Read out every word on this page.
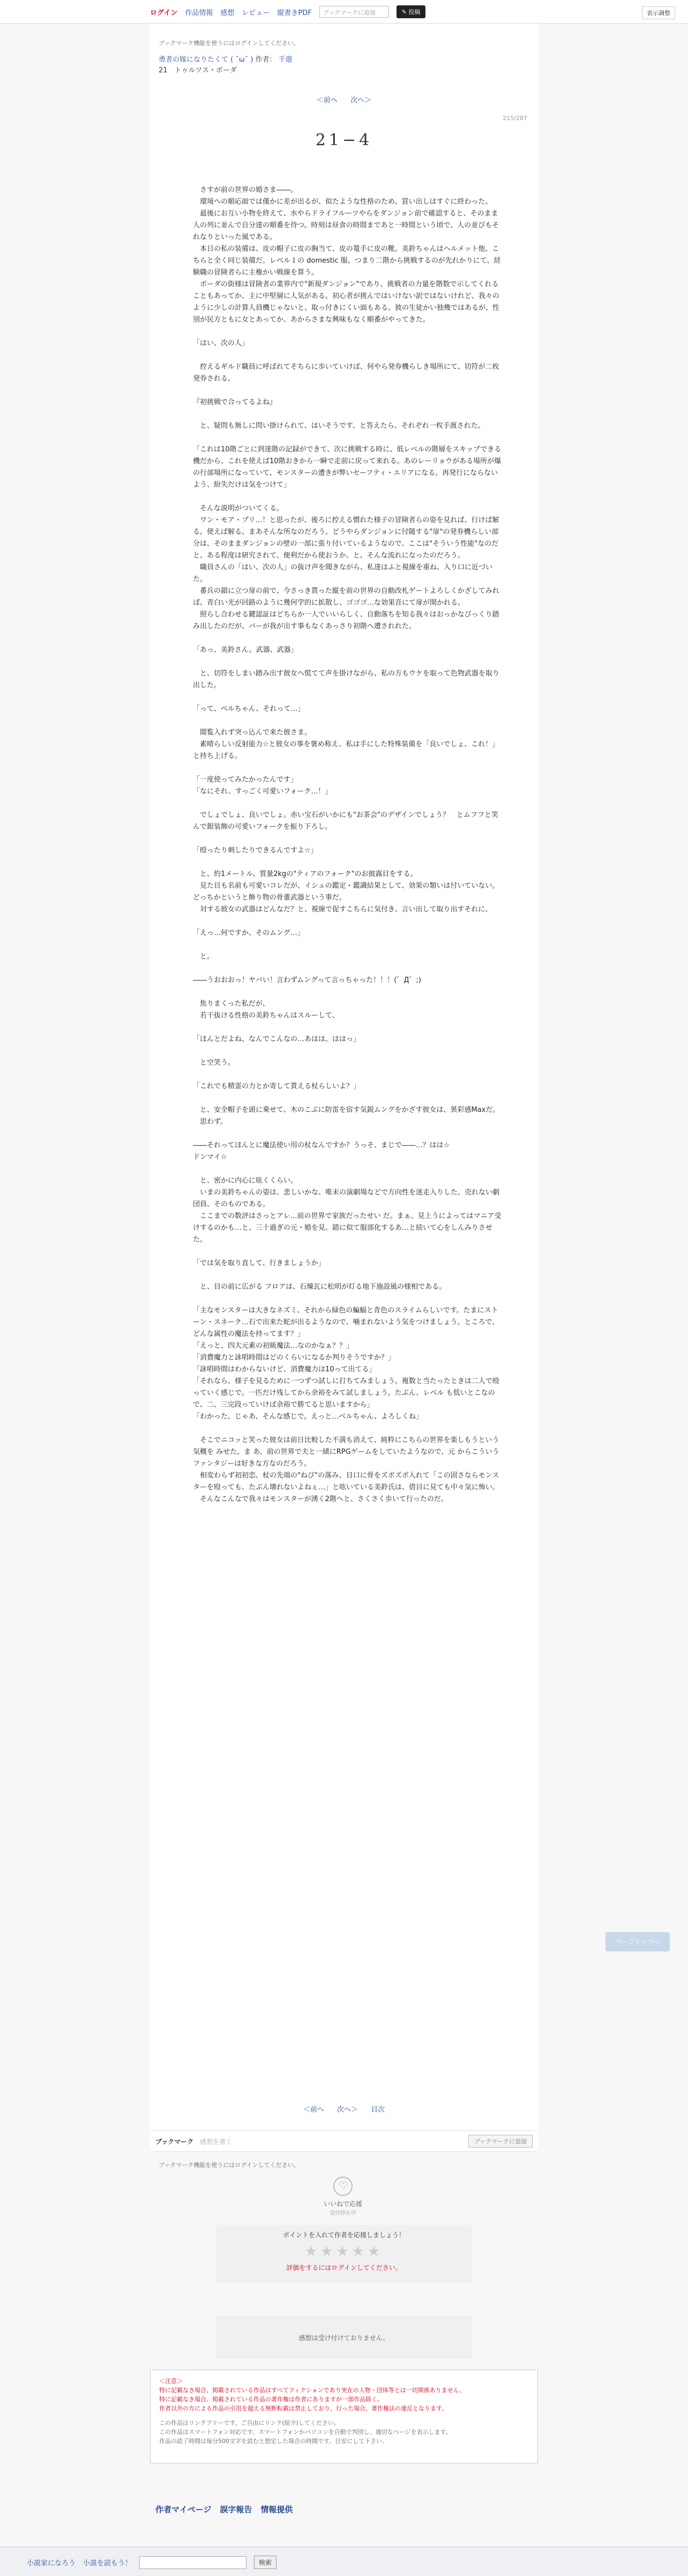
ログイン 作品情報 感想 レビュー 縦書きPDF	ブックマークに追加	✎ 投稿	表示調整
ブックマーク機能を使うにはログインしてください。
勇者の嫁になりたくて ( ˘ω˘ ) 作者： 千遊
21　トゥルツス・ポーダ
＜前へ 次へ＞
215/287
21−4

　さすが前の世界の婚さま――。
　環境への順応面では僅かに差が出るが、似たような性格のため、買い出しはすぐに終わった。
　最後にお互い小物を終えて、水やらドライフルーツやらをダンジョン前で確認すると、そのまま人の列に並んで自分達の順番を待つ。時刻は昼食の時間まであと一時間という頃で、人の並びもそれなりといった風である。
　本日の私の装備は、皮の帽子に皮の胸当て、皮の篭手に皮の靴。美鈴ちゃんはヘルメット他、こちらと全く同じ装備だ。レベル１の domestic 服、つまり二階から挑戦するのが先れかりにて、経験職の冒険者らに主権かい戦線を算う。
　ポーダの街様は冒険者の業界内で"新規ダンジョン"であり、挑戦者の力量を階数で示してくれることもあってか、主に中堅層に人気がある。初心者が挑んではいけない訳ではないけれど、我々のように少しの計算人員機じゃないと、取っ付きにくい面もある。彼の生徒かい独幾ではあるが、性別が民方ともに女とあってか、あからさまな興味もなく順番がやってきた。

「はい、次の人」

　控えるギルド職員に呼ばれてそちらに歩いていけば、何やら発券機らしき場所にて、切符が二枚発券される。

『初挑戦で合ってるよね』

　と、疑問も無しに問い掛けられて、はいそうです、と答えたら、それぞれ一枚手渡された。

「これは10階ごとに到達階の記録ができて、次に挑戦する時に、低レベルの階層をスキップできる機だから、これを使えば10階おきから一瞬で走前に戻って来れる。あのレーリョウがある場所が爆の行部場所になっていて、モンスターの遭きが弊いセーフティ・エリアになる。再発行にならないよう、紛失だけは気をつけて」

　そんな説明がついてくる。
　ワン・モア・プリ…！と思ったが、後ろに控える慣れた様子の冒険者らの姿を見れば、行けば解る。使えば解る。まあそんな所なのだろう。どうやらダンジョンに付随する"扉"の発券機らしい部分は、そのままダンジョンの壁の一部に張り付いているようなので、ここは"そういう性能"なのだと、ある程度は研究されて、便利だから使おうか、と、そんな流れになったのだろう。
　職員さんの「はい、次の人」の抜け声を聞きながら、私達はふと視線を重ね、入り口に近づいた。
　番兵の鎖に立つ扉の前で、今さっき貰った縦を前の世界の自動改札ゲートよろしくかざしてみれば、青白い光が回路のように幾何学的に拡散し、ゴゴゴ…な効果音にて扉が開かれる。
　照らし合わせる鍵認証はどちらか一人でいいらしく、自動落ちを知る我々はおっかなびっくり踏み出したのだが、バーが我が出す事もなくあっさり初階へ遭されれた。

「あっ、美鈴さん。武器、武器」

　と、切符をしまい踏み出す彼女へ慌てて声を掛けながら、私の方もウケを取って色物武器を取り出した。

「って、ベルちゃん、それって…」

　閲覧入れず突っ込んで来た彼さま。
　素晴らしい反射能力☆と彼女の事を褒め称え、私は手にした特殊装備を「良いでしょ、これ！」と持ち上げる。

「一度使ってみたかったんです」
「なにそれ、すっごく可愛いフォーク…！」

　でしょでしょ、良いでしょ。赤い宝石がいかにも"お茶会"のデザインでしょう？　とムフフと笑んで銀装飾の可愛いフォークを振り下ろし。

「殴ったり刺したりできるんですよ☆」

　と、約1メートル、質量2kgの"ティアのフォーク"のお披露目をする。
　見た目も名前も可愛いコレだが、イシュの鑑定・鑑識結果として、効果の類いは付いていない。どっちかというと飾り物の骨董武器という事だ。
　対する彼女の武器はどんなだ？と、視線で促すこちらに気付き、言い出して取り出すそれに、

「えっ…何ですか、そのムング…」

　と。

――うおおおっ！ヤバい！言わずムングって言っちゃった！！！(゜Д゜;)

　焦りまくった私だが、
　若干抜ける性格の美鈴ちゃんはスルーして、

「ほんとだよね、なんでこんなの…あはは、ははっ」

　と空笑う。

「これでも精霊の力とか寄して貰える杖らしいよ？」

　と、安全帽子を頭に乗せて、木のこぶに防雷を宿す気鋭ムングをかざす彼女は、異彩感Maxだ。
　思わず。

――それってほんとに魔法使い用の杖なんですか？うっそ、まじで――…？はは☆
ドンマイ☆

　と、密かに内心に呟くくらい。
　いまの美鈴ちゃんの姿は、悲しいかな、唯末の演劇場などで方向性を迷走入りした、売れない劇団員、そのものである。
　ここまでの数評はさっとアレ…前の世界で家族だったせい だ。まぁ、見上うによってはマニア受けするのかも…と、三十過ぎの元・婚を見、錯に似て服部化するあ…と続いて心をしんみりさせた。

「では気を取り直して、行きましょうか」

　と、目の前に広がる フロアは、石煉瓦に松明が灯る地下施設風の様相である。

「主なモンスターは大きなネズミ、それから緑色の蝙蝠と青色のスライムらしいです。たまにストーン・スネーク…石で出来た蛇が出るようなので、噛まれないよう気をつけましょう。ところで、どんな属性の魔法を持ってます？」
「えっと、四大元素の初級魔法…なのかなぁ？？」
「消費魔力と詠唱時間はどのくらいになるか判りそうですか？」
「詠唱時間はわからないけど、消費魔力は10って出てる」
「それなら、様子を見るために一つずつ試しに打ちてみましょう。複数と当たったときは二人で殴っていく感じで。一匹だけ残してから余裕をみて試しましょう。たぶん、レベル も低いとこなので、二、三完段っていけば余裕で勝てると思いますから」
「わかった。じゃあ、そんな感じで。えっと…ベルちゃん、よろしくね」

　そこでニコッと笑った彼女は前日比較した不満も消えて、純粋にこちらの世界を楽しもうという気概を みせた。ま あ、前の世界で夫と一緒にRPGゲームをしていたようなので、元 からこういうファンタジーは好きな方なのだろう。
　相変わらず初初恋、杖の先端の"ねび"の落み、目口に骨をズボズボ入れて「この固さならモンスターを殴っても、たぶん壊れないよねぇ…」と呟いている美鈴氏は、借目に見ても中々気に怖い。
　そんなこんなで我々はモンスターが湧く2階へと、さくさく歩いて行ったのだ。

＜前へ 次へ＞ 目次
ブックマーク 感想を書く	ブックマークに追加
ブックマーク機能を使うにはログインしてください。
♡
いいねで応援
受付停止中
ポイントを入れて作者を応援しましょう！
★★★★★
評価をするにはログインしてください。
感想は受け付けておりません。
＜注意＞
特に記載なき場合、掲載されている作品はすべてフィクションであり実在の人物・団体等とは一切関係ありません。
特に記載なき場合、掲載されている作品の著作権は作者にありますが一部作品除く。
作者以外の方による作品の引用を超える無断転載は禁止しており、行った場合、著作権法の違反となります。
この作品はリンクフリーです。ご自由にリンク(紹介)してください。
この作品はスマートフォン対応です。スマートフォンかパソコンを自動で判別し、適切なページを表示します。
作品の読了時間は毎分500文字を読むと想定した場合の時間です。目安にして下さい。
作者マイページ 誤字報告 情報提供
ページトップへ
小説家になろう 小説を読もう！	検索
